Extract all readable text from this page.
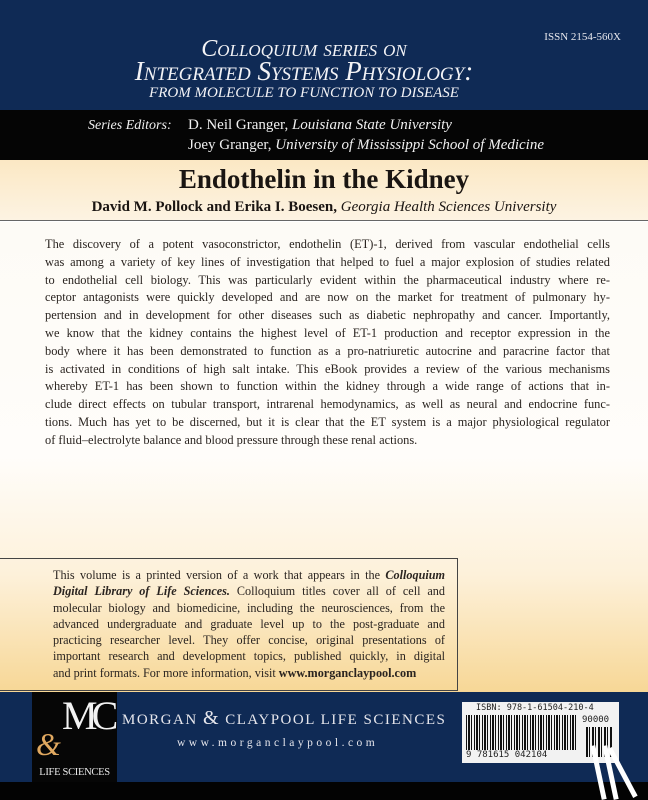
ISSN 2154-560X
Colloquium series on
Integrated Systems Physiology:
FROM MOLECULE TO FUNCTION TO DISEASE
Series Editors: D. Neil Granger, Louisiana State University
Joey Granger, University of Mississippi School of Medicine
Endothelin in the Kidney
David M. Pollock and Erika I. Boesen, Georgia Health Sciences University
The discovery of a potent vasoconstrictor, endothelin (ET)-1, derived from vascular endothelial cells
was among a variety of key lines of investigation that helped to fuel a major explosion of studies related
to endothelial cell biology. This was particularly evident within the pharmaceutical industry where re-
ceptor antagonists were quickly developed and are now on the market for treatment of pulmonary hy-
pertension and in development for other diseases such as diabetic nephropathy and cancer. Importantly,
we know that the kidney contains the highest level of ET-1 production and receptor expression in the
body where it has been demonstrated to function as a pro-natriuretic autocrine and paracrine factor that
is activated in conditions of high salt intake. This eBook provides a review of the various mechanisms
whereby ET-1 has been shown to function within the kidney through a wide range of actions that in-
clude direct effects on tubular transport, intrarenal hemodynamics, as well as neural and endocrine func-
tions. Much has yet to be discerned, but it is clear that the ET system is a major physiological regulator
of fluid–electrolyte balance and blood pressure through these renal actions.
This volume is a printed version of a work that appears in the Colloquium
Digital Library of Life Sciences. Colloquium titles cover all of cell and
molecular biology and biomedicine, including the neurosciences, from the
advanced undergraduate and graduate level up to the post-graduate and
practicing researcher level. They offer concise, original presentations of
important research and development topics, published quickly, in digital
and print formats. For more information, visit www.morganclaypool.com
MC
&
LIFE SCIENCES
MORGAN & CLAYPOOL LIFE SCIENCES
www.morganclaypool.com
ISBN: 978-1-61504-210-4
90000
9 781615 042104
